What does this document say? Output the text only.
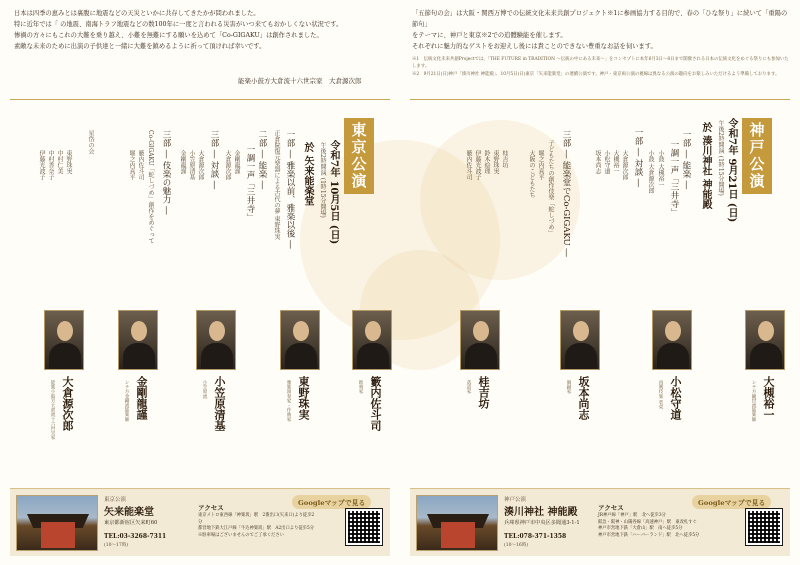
日本は四季の恵みとは裏腹に地震などの天災といかに共存してきたかが問われました。

特に近年では「 の地震、南海トラフ地震などの数100年に一度と言われる災害がいつ来てもおかしくない状況です。

惨禍の方々にもこれの大難を乗り越え、小難を無難にする願いを込めて「Co-GIGAKU」は創作されました。

素敵な未来のために出演の子供達と一緒に大難を鎮めるように祈って頂ければ幸いです。

能楽小鼓方大倉流十六世宗家　大倉源次郎

「五節句の会」は大阪・関西万博での伝統文化未来共創プロジェクト※1に参画協力する目的で、春の「ひな祭り」に続いて「重陽の節句」

をテーマに、神戸と東京※2での追體験能を催します。

それぞれに魅力的なゲストをお迎えし後には貴ことのできない豊重なお話を伺います。

※1　伝統文化未来共創Projectでは、「THE FUTURE in TRADITION ～伝統の中にある未来～」をコンセプトに本年6月3日～8日まで開催される日本の伝統文化をめぐる祭りにも参加いたします。

※2　9月21日(日)神戸「湊川神社 神能殿」、10月5日(日)東京「矢来能楽堂」の連續公演です。神戸・東京両公演の視線は異なる公演の趣向をお楽しみいただけるよう準備しております。

神戸
公演
令和7年 9月21日 (日)
午後2時開演 (1時15分開場)
於 湊川神社 神能殿
一部 ― 能楽 ―
一調一声「三井寺」
小鼓 大槻裕一
小鼓 大倉源次郎
一部 ― 対談 ―
大倉源次郎
大槻裕一
小松守道
坂本尚志
三部 ― 能楽堂でCo-GIGAKU ―
子どもたちの創作伎楽「蛇しづめ」
堀之内真平
大阪のこどもたち
桂吉坊
東野珠実
鈴木絵理
伊藤光波子
籔内佐斗司
大槻裕一
シテ方観世流能楽師
小松守道
再興伎楽 装束
坂本尚志
舞踊家
桂吉坊
落語家
東京
公演
令和7年 10月5日 (日)
午後2時開演 (1時15分開場)
於 矢来能楽堂
一部 ― 雅楽以前、雅楽以後 ―
正倉院復元楽器による古代の夢 東野珠実
二部 ― 能楽 ―
一調一声「三井寺」
金剛龍謹
大倉源次郎
三部 ― 対談 ―
大倉源次郎
小笠原清基
金剛龍謹
三部 ― 伎楽の魅力 ―
Co-GIGAKU「蛇しづめ」創作をめぐって
籔内佐斗司
堀之内真平
星岱の会
東野珠実
中村仁美
中村香奈子
伊藤光波子
籔内佐斗司
彫刻家
東野珠実
雅楽演奏家・作曲家
小笠原清基
小笠原流
金剛龍謹
シテ方金剛流能楽師
大倉源次郎
能楽小鼓方大倉流十六世宗家
東京公演
矢来能楽堂
東京都新宿区矢来町60
TEL:03-3268-7311
(10〜17時)
アクセス
東京メトロ東西線「神楽坂」駅　2番出口(矢来口)より徒歩2分
都営地下鉄大江戸線「牛込神楽坂」駅　A2出口より徒歩5分
※駐車場はございませんのでご了承ください
Googleマップで見る	神戸公演
湊川神社 神能殿
兵庫県神戸市中央区多聞通3-1-1
TEL:078-371-1358
(10〜16時)
アクセス
JR神戸線「神戸」駅　北へ徒歩3分
阪急・阪神・山陽各線「高速神戸」駅　東改札すぐ
神戸市営地下鉄「大倉山」駅　南へ徒歩5分
神戸市営地下鉄「ハーバーランド」駅　北へ徒歩5分
Googleマップで見る
